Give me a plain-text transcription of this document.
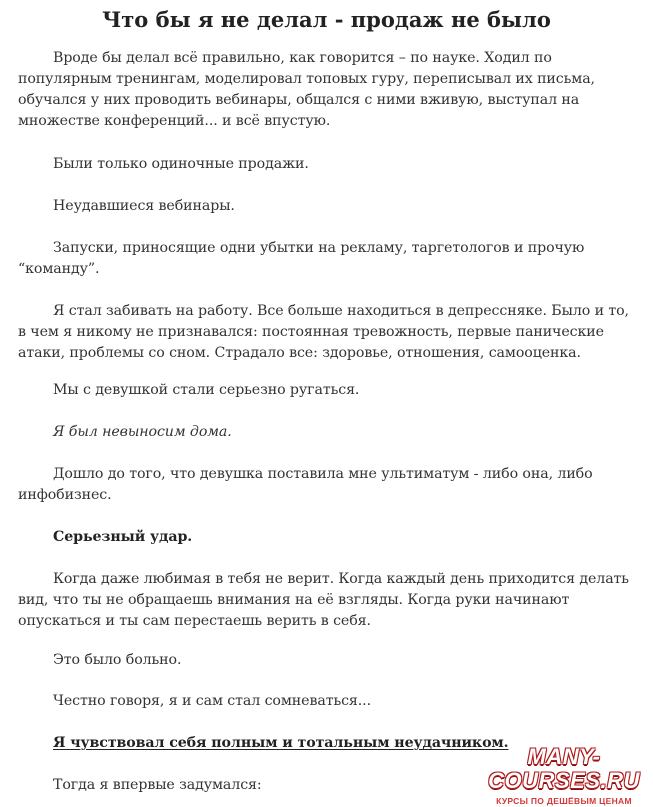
Что бы я не делал - продаж не было

Вроде бы делал всё правильно, как говорится – по науке. Ходил по популярным тренингам, моделировал топовых гуру, переписывал их письма, обучался у них проводить вебинары, общался с ними вживую, выступал на множестве конференций... и всё впустую.

Были только одиночные продажи.

Неудавшиеся вебинары.

Запуски, приносящие одни убытки на рекламу, таргетологов и прочую “команду”.

Я стал забивать на работу. Все больше находиться в депрессняке. Было и то, в чем я никому не признавался: постоянная тревожность, первые панические атаки, проблемы со сном. Страдало все: здоровье, отношения, самооценка.

Мы с девушкой стали серьезно ругаться.

Я был невыносим дома.

Дошло до того, что девушка поставила мне ультиматум - либо она, либо инфобизнес.

Серьезный удар.

Когда даже любимая в тебя не верит. Когда каждый день приходится делать вид, что ты не обращаешь внимания на её взгляды. Когда руки начинают опускаться и ты сам перестаешь верить в себя.

Это было больно.

Честно говоря, я и сам стал сомневаться...

Я чувствовал себя полным и тотальным неудачником.

Тогда я впервые задумался:

MANY-COURSES.RU
КУРСЫ ПО ДЕШЁВЫМ ЦЕНАМ
